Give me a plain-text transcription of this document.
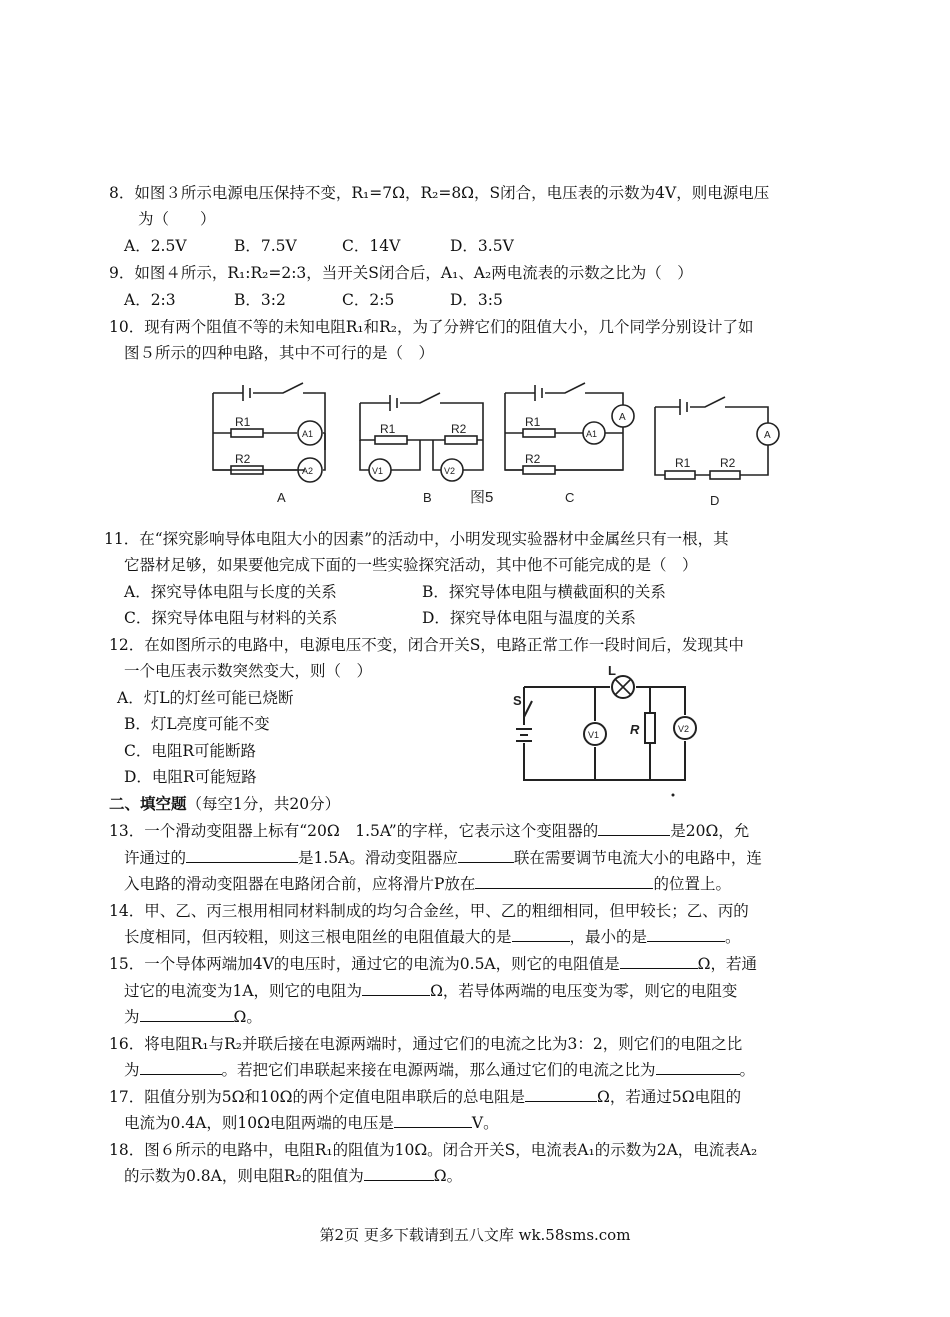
8．如图３所示电源电压保持不变，R₁=7Ω，R₂=8Ω，S闭合，电压表的示数为4V，则电源电压
为（　　）
A．2.5V	B．7.5V	C．14V	D．3.5V
9．如图４所示，R₁:R₂=2:3，当开关S闭合后，A₁、A₂两电流表的示数之比为（　）
A．2:3	B．3:2	C．2:5	D．3:5
10．现有两个阻值不等的未知电阻R₁和R₂，为了分辨它们的阻值大小，几个同学分别设计了如
图５所示的四种电路，其中不可行的是（　）
R1
R2
A1
A2
R1	R2
V1	V2
R1
R2
A
A1
R1 R2
A
A	B	图5	C	D
11．在“探究影响导体电阻大小的因素”的活动中，小明发现实验器材中金属丝只有一根，其
它器材足够，如果要他完成下面的一些实验探究活动，其中他不可能完成的是（　）
A．探究导体电阻与长度的关系	B．探究导体电阻与横截面积的关系
C．探究导体电阻与材料的关系	D．探究导体电阻与温度的关系
12．在如图所示的电路中，电源电压不变，闭合开关S，电路正常工作一段时间后，发现其中
一个电压表示数突然变大，则（　）
A．灯L的灯丝可能已烧断
B．灯L亮度可能不变
C．电阻R可能断路
D．电阻R可能短路
S
L
R
V1
V2
二、填空题（每空1分，共20分）
13．一个滑动变阻器上标有“20Ω　1.5A”的字样，它表示这个变阻器的	是20Ω，允
许通过的	是1.5A。滑动变阻器应	联在需要调节电流大小的电路中，连
入电路的滑动变阻器在电路闭合前，应将滑片P放在	的位置上。
14．甲、乙、丙三根用相同材料制成的均匀合金丝，甲、乙的粗细相同，但甲较长；乙、丙的
长度相同，但丙较粗，则这三根电阻丝的电阻值最大的是	，最小的是	。
15．一个导体两端加4V的电压时，通过它的电流为0.5A，则它的电阻值是	Ω，若通
过它的电流变为1A，则它的电阻为	Ω，若导体两端的电压变为零，则它的电阻变
为	Ω。
16．将电阻R₁与R₂并联后接在电源两端时，通过它们的电流之比为3：2，则它们的电阻之比
为	。若把它们串联起来接在电源两端，那么通过它们的电流之比为	。
17．阻值分别为5Ω和10Ω的两个定值电阻串联后的总电阻是	Ω，若通过5Ω电阻的
电流为0.4A，则10Ω电阻两端的电压是	V。
18．图６所示的电路中，电阻R₁的阻值为10Ω。闭合开关S，电流表A₁的示数为2A，电流表A₂
的示数为0.8A，则电阻R₂的阻值为	Ω。
第2页 更多下载请到五八文库 wk.58sms.com
